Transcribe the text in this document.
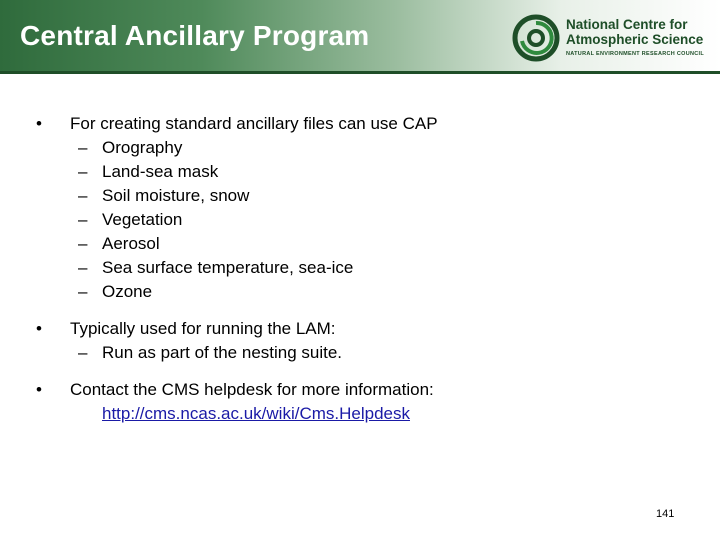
Central Ancillary Program	National Centre for
Atmospheric Science
NATURAL ENVIRONMENT RESEARCH COUNCIL
• For creating standard ancillary files can use CAP
– Orography
– Land-sea mask
– Soil moisture, snow
– Vegetation
– Aerosol
– Sea surface temperature, sea-ice
– Ozone
• Typically used for running the LAM:
– Run as part of the nesting suite.
• Contact the CMS helpdesk for more information:
http://cms.ncas.ac.uk/wiki/Cms.Helpdesk
141
